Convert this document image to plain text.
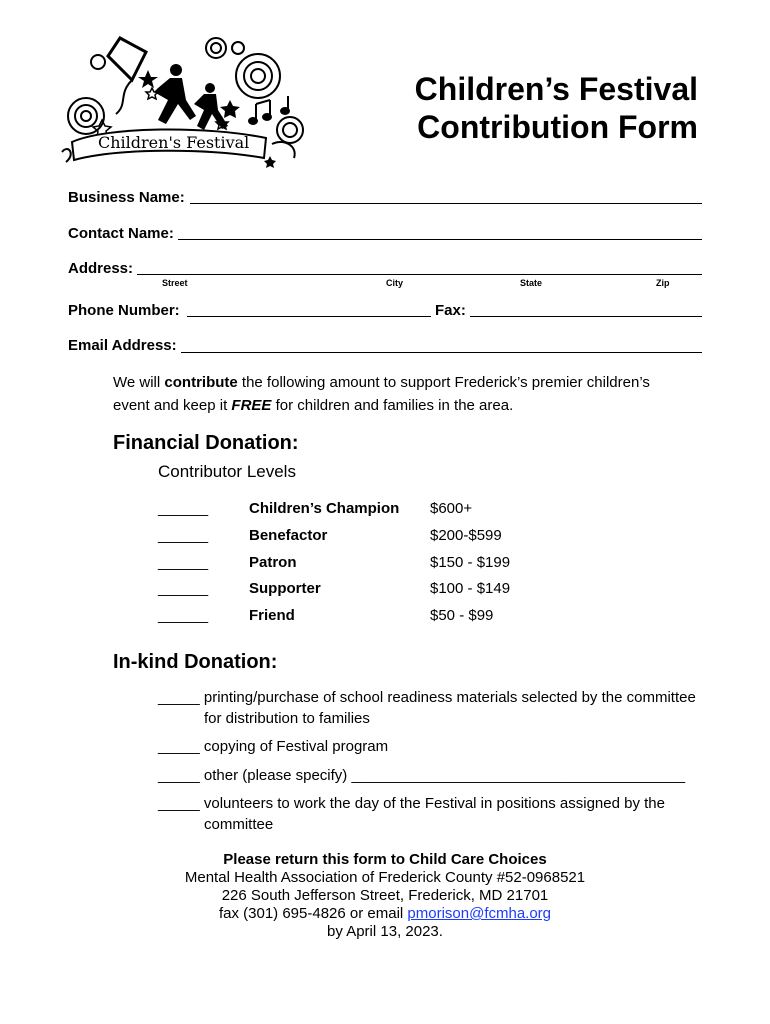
Children's Festival
Children’s Festival
Contribution Form
Business Name:
Contact Name:
Address:
Street	City	State	Zip
Phone Number:	Fax:
Email Address:
We will contribute the following amount to support Frederick’s premier children’s
event and keep it FREE for children and families in the area.
Financial Donation:
Contributor Levels
______	Children’s Champion $600+
______	Benefactor	$200-$599
______	Patron	$150 - $199
______	Supporter	$100 - $149
______	Friend	$50 - $99
In-kind Donation:
_____ printing/purchase of school readiness materials selected by the committee
for distribution to families
_____ copying of Festival program
_____ other (please specify) ________________________________________
_____ volunteers to work the day of the Festival in positions assigned by the
committee
Please return this form to Child Care Choices
Mental Health Association of Frederick County #52-0968521
226 South Jefferson Street, Frederick, MD 21701
fax (301) 695-4826 or email pmorison@fcmha.org
by April 13, 2023.
